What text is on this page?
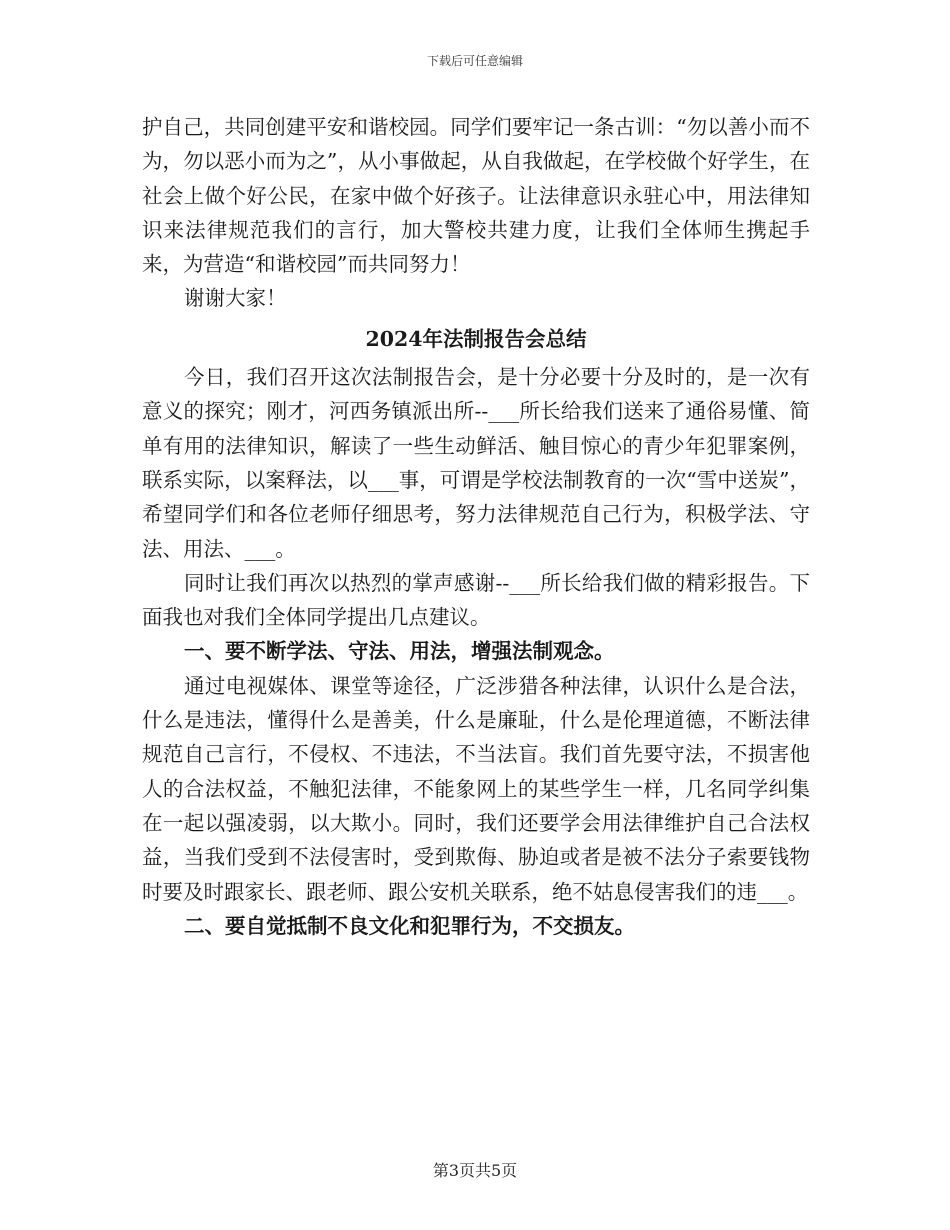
下载后可任意编辑

护自己，共同创建平安和谐校园。同学们要牢记一条古训：“勿以善小而不为，勿以恶小而为之”，从小事做起，从自我做起，在学校做个好学生，在社会上做个好公民，在家中做个好孩子。让法律意识永驻心中，用法律知识来法律规范我们的言行，加大警校共建力度，让我们全体师生携起手来，为营造“和谐校园”而共同努力！

谢谢大家！

2024年法制报告会总结

今日，我们召开这次法制报告会，是十分必要十分及时的，是一次有意义的探究；刚才，河西务镇派出所--___所长给我们送来了通俗易懂、简单有用的法律知识，解读了一些生动鲜活、触目惊心的青少年犯罪案例，联系实际，以案释法，以___事，可谓是学校法制教育的一次“雪中送炭”，希望同学们和各位老师仔细思考，努力法律规范自己行为，积极学法、守法、用法、___。

同时让我们再次以热烈的掌声感谢--___所长给我们做的精彩报告。下面我也对我们全体同学提出几点建议。

一、要不断学法、守法、用法，增强法制观念。

通过电视媒体、课堂等途径，广泛涉猎各种法律，认识什么是合法，什么是违法，懂得什么是善美，什么是廉耻，什么是伦理道德，不断法律规范自己言行，不侵权、不违法，不当法盲。我们首先要守法，不损害他人的合法权益，不触犯法律，不能象网上的某些学生一样，几名同学纠集在一起以强凌弱，以大欺小。同时，我们还要学会用法律维护自己合法权益，当我们受到不法侵害时，受到欺侮、胁迫或者是被不法分子索要钱物时要及时跟家长、跟老师、跟公安机关联系，绝不姑息侵害我们的违___。

二、要自觉抵制不良文化和犯罪行为，不交损友。

第3页共5页
